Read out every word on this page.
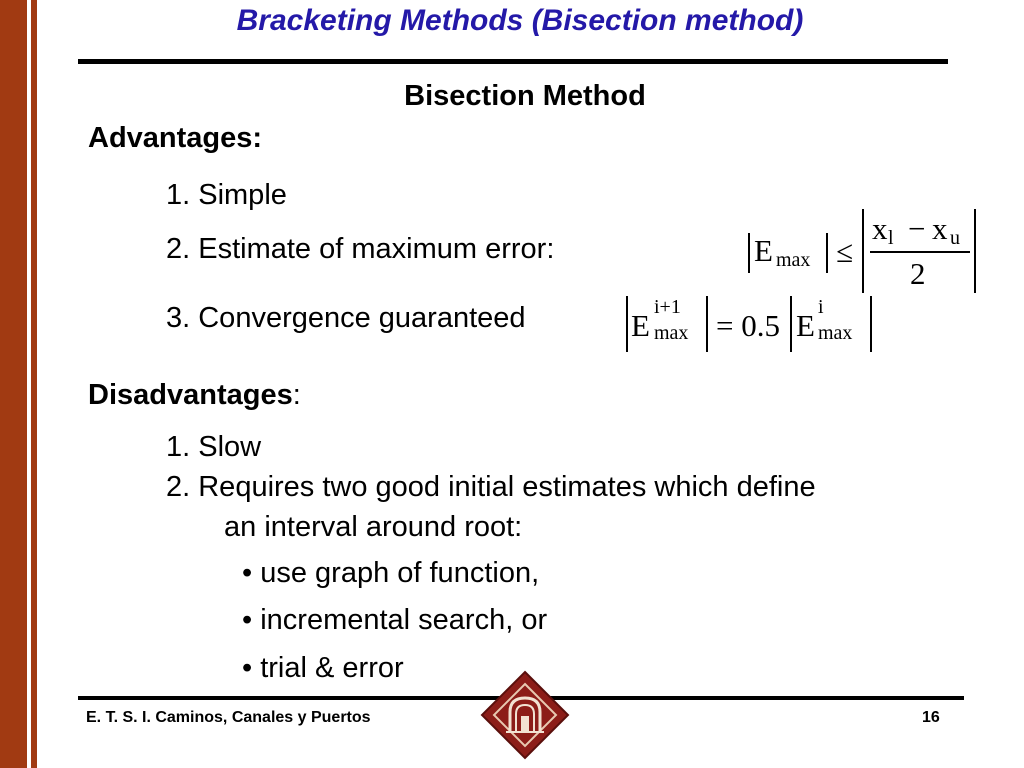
Bracketing Methods (Bisection method)
Bisection Method
Advantages:
1. Simple
2. Estimate of maximum error:
3. Convergence guaranteed
E max ≤
x l − x u
2
E
i+1
max = 0.5 E
i
max
Disadvantages:
1. Slow
2. Requires two good initial estimates which define
an interval around root:
• use graph of function,
• incremental search, or
• trial & error
E. T. S. I. Caminos, Canales y Puertos	16
